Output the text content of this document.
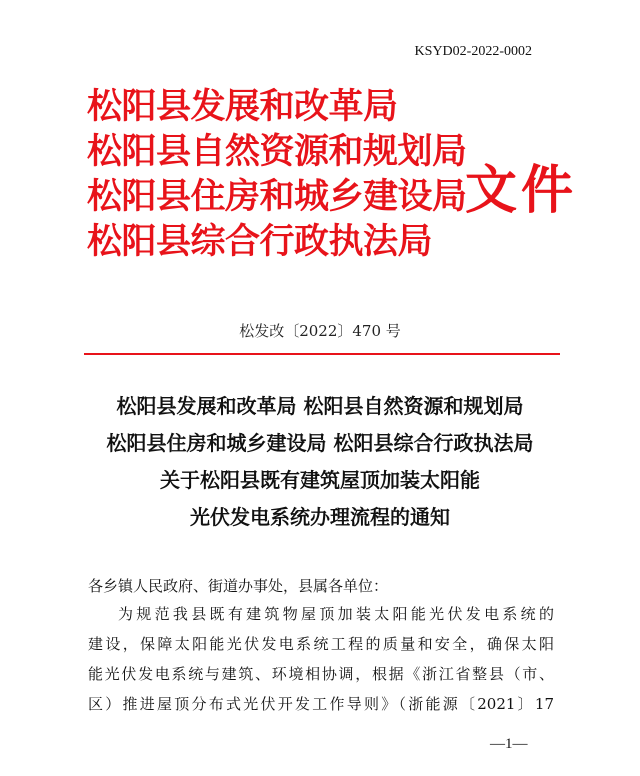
KSYD02-2022-0002
松阳县发展和改革局
松阳县自然资源和规划局
松阳县住房和城乡建设局
松阳县综合行政执法局
文件
松发改〔2022〕470 号
松阳县发展和改革局 松阳县自然资源和规划局
松阳县住房和城乡建设局 松阳县综合行政执法局
关于松阳县既有建筑屋顶加装太阳能
光伏发电系统办理流程的通知
各乡镇人民政府、街道办事处，县属各单位：
为规范我县既有建筑物屋顶加装太阳能光伏发电系统的
建设，保障太阳能光伏发电系统工程的质量和安全，确保太阳
能光伏发电系统与建筑、环境相协调，根据《浙江省整县（市、
区）推进屋顶分布式光伏开发工作导则》（浙能源〔2021〕17
—1—
